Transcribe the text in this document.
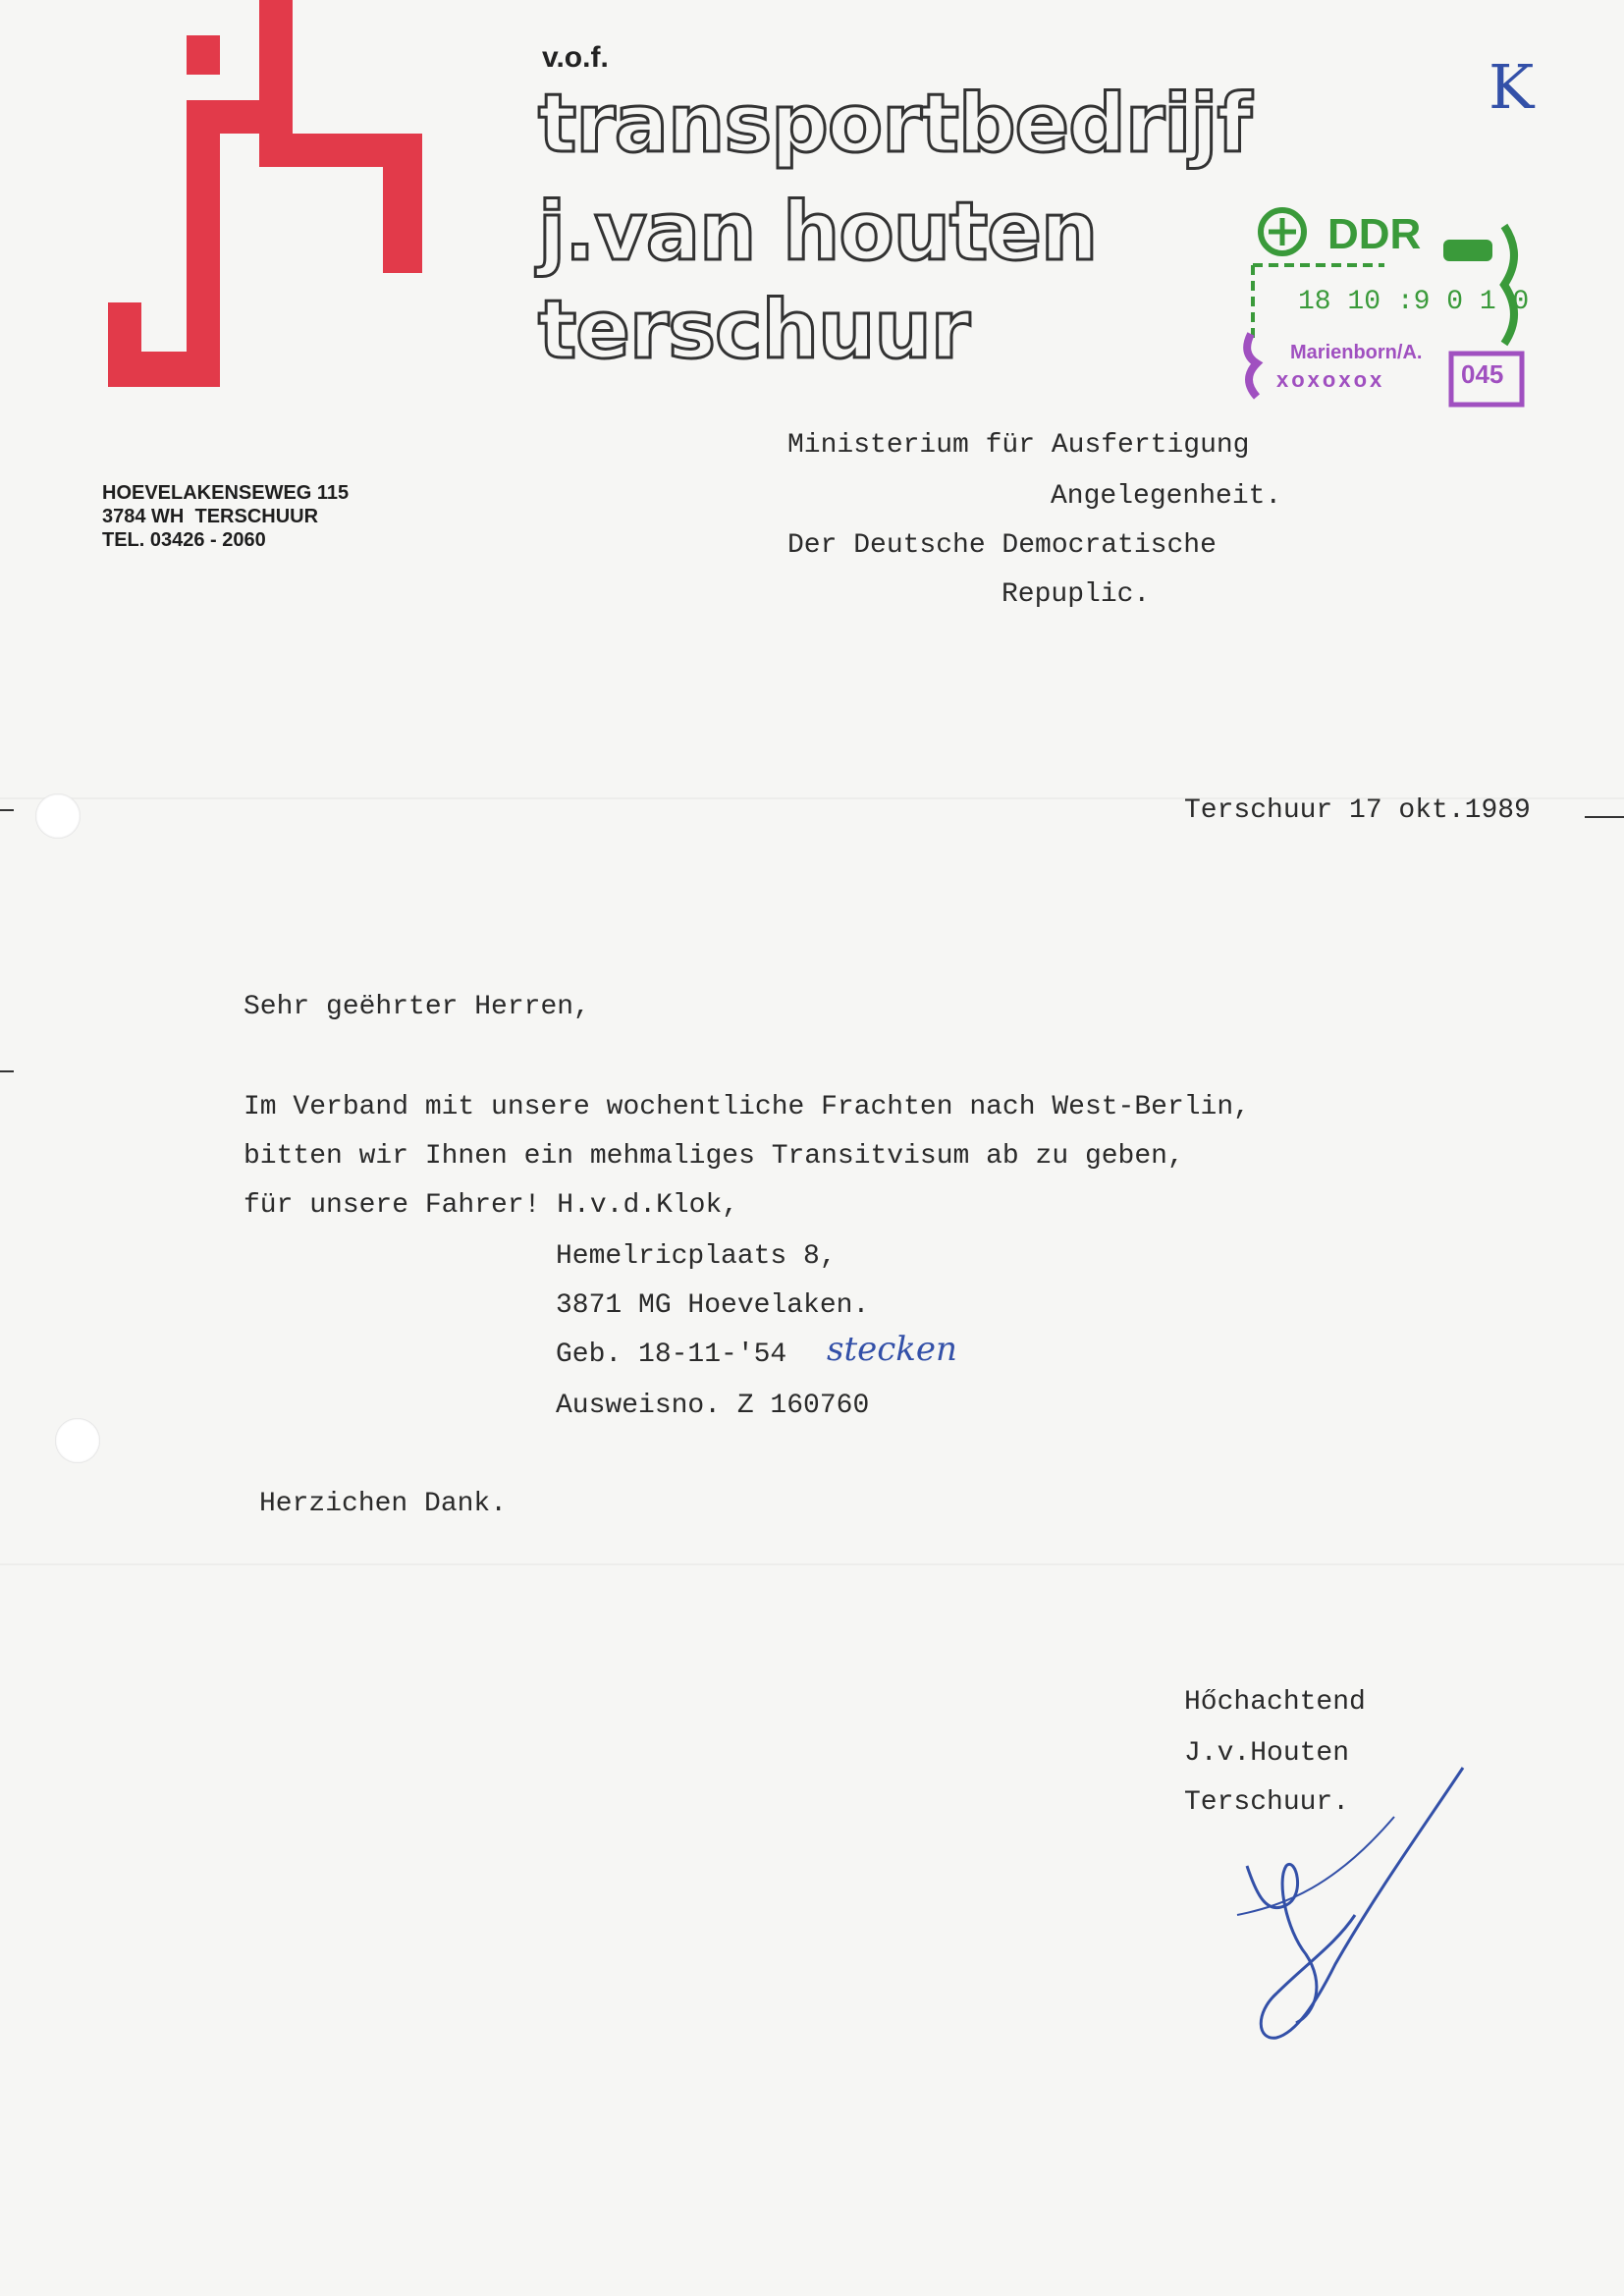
v.o.f.
transportbedrijf
j.van houten
terschuur
HOEVELAKENSEWEG 115
3784 WH  TERSCHUUR
TEL. 03426 - 2060
K
DDR
18 10 :9 0 1 0
Marienborn/A.
xoxoxox	045
Ministerium für Ausfertigung
Angelegenheit.
Der Deutsche Democratische
Repuplic.
Terschuur 17 okt.1989
Sehr geëhrter Herren,
Im Verband mit unsere wochentliche Frachten nach West-Berlin,
bitten wir Ihnen ein mehmaliges Transitvisum ab zu geben,
für unsere Fahrer! H.v.d.Klok,
Hemelricplaats 8,
3871 MG Hoevelaken.
Geb. 18-11-'54 stecken
Ausweisno. Z 160760
Herzichen Dank.
Hőchachtend
J.v.Houten
Terschuur.
